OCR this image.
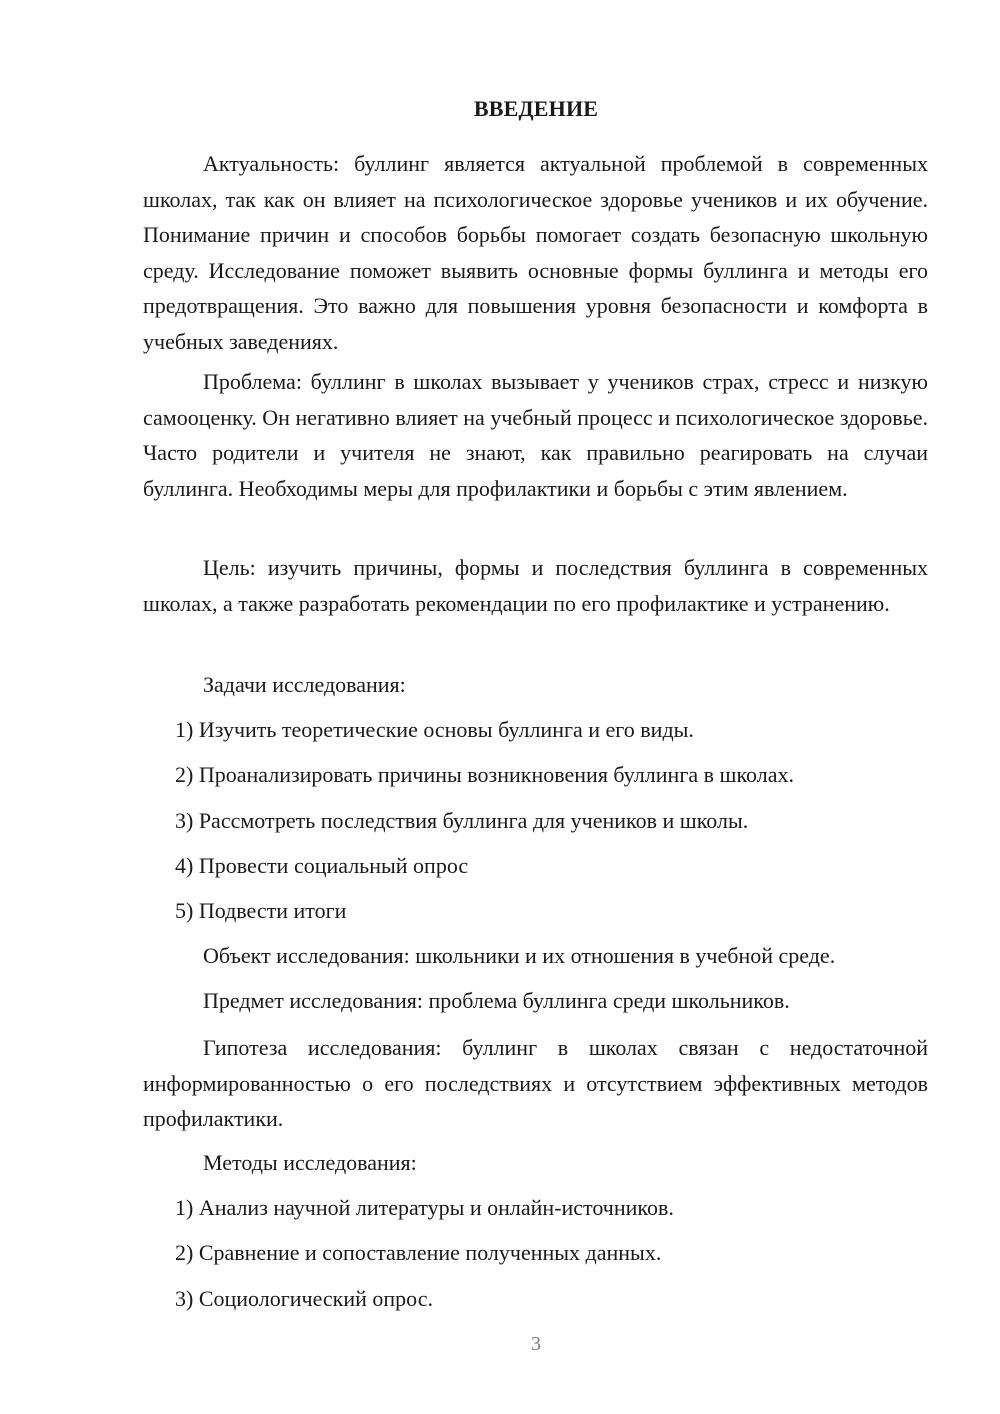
ВВЕДЕНИЕ

Актуальность: буллинг является актуальной проблемой в современных школах, так как он влияет на психологическое здоровье учеников и их обучение. Понимание причин и способов борьбы помогает создать безопасную школьную среду. Исследование поможет выявить основные формы буллинга и методы его предотвращения. Это важно для повышения уровня безопасности и комфорта в учебных заведениях.

Проблема: буллинг в школах вызывает у учеников страх, стресс и низкую самооценку. Он негативно влияет на учебный процесс и психологическое здоровье. Часто родители и учителя не знают, как правильно реагировать на случаи буллинга. Необходимы меры для профилактики и борьбы с этим явлением.

Цель: изучить причины, формы и последствия буллинга в современных школах, а также разработать рекомендации по его профилактике и устранению.

Задачи исследования:
1) Изучить теоретические основы буллинга и его виды.
2) Проанализировать причины возникновения буллинга в школах.
3) Рассмотреть последствия буллинга для учеников и школы.
4) Провести социальный опрос
5) Подвести итоги
Объект исследования: школьники и их отношения в учебной среде.
Предмет исследования: проблема буллинга среди школьников.

Гипотеза исследования: буллинг в школах связан с недостаточной информированностью о его последствиях и отсутствием эффективных методов профилактики.

Методы исследования:
1) Анализ научной литературы и онлайн-источников.
2) Сравнение и сопоставление полученных данных.
3) Социологический опрос.
3
